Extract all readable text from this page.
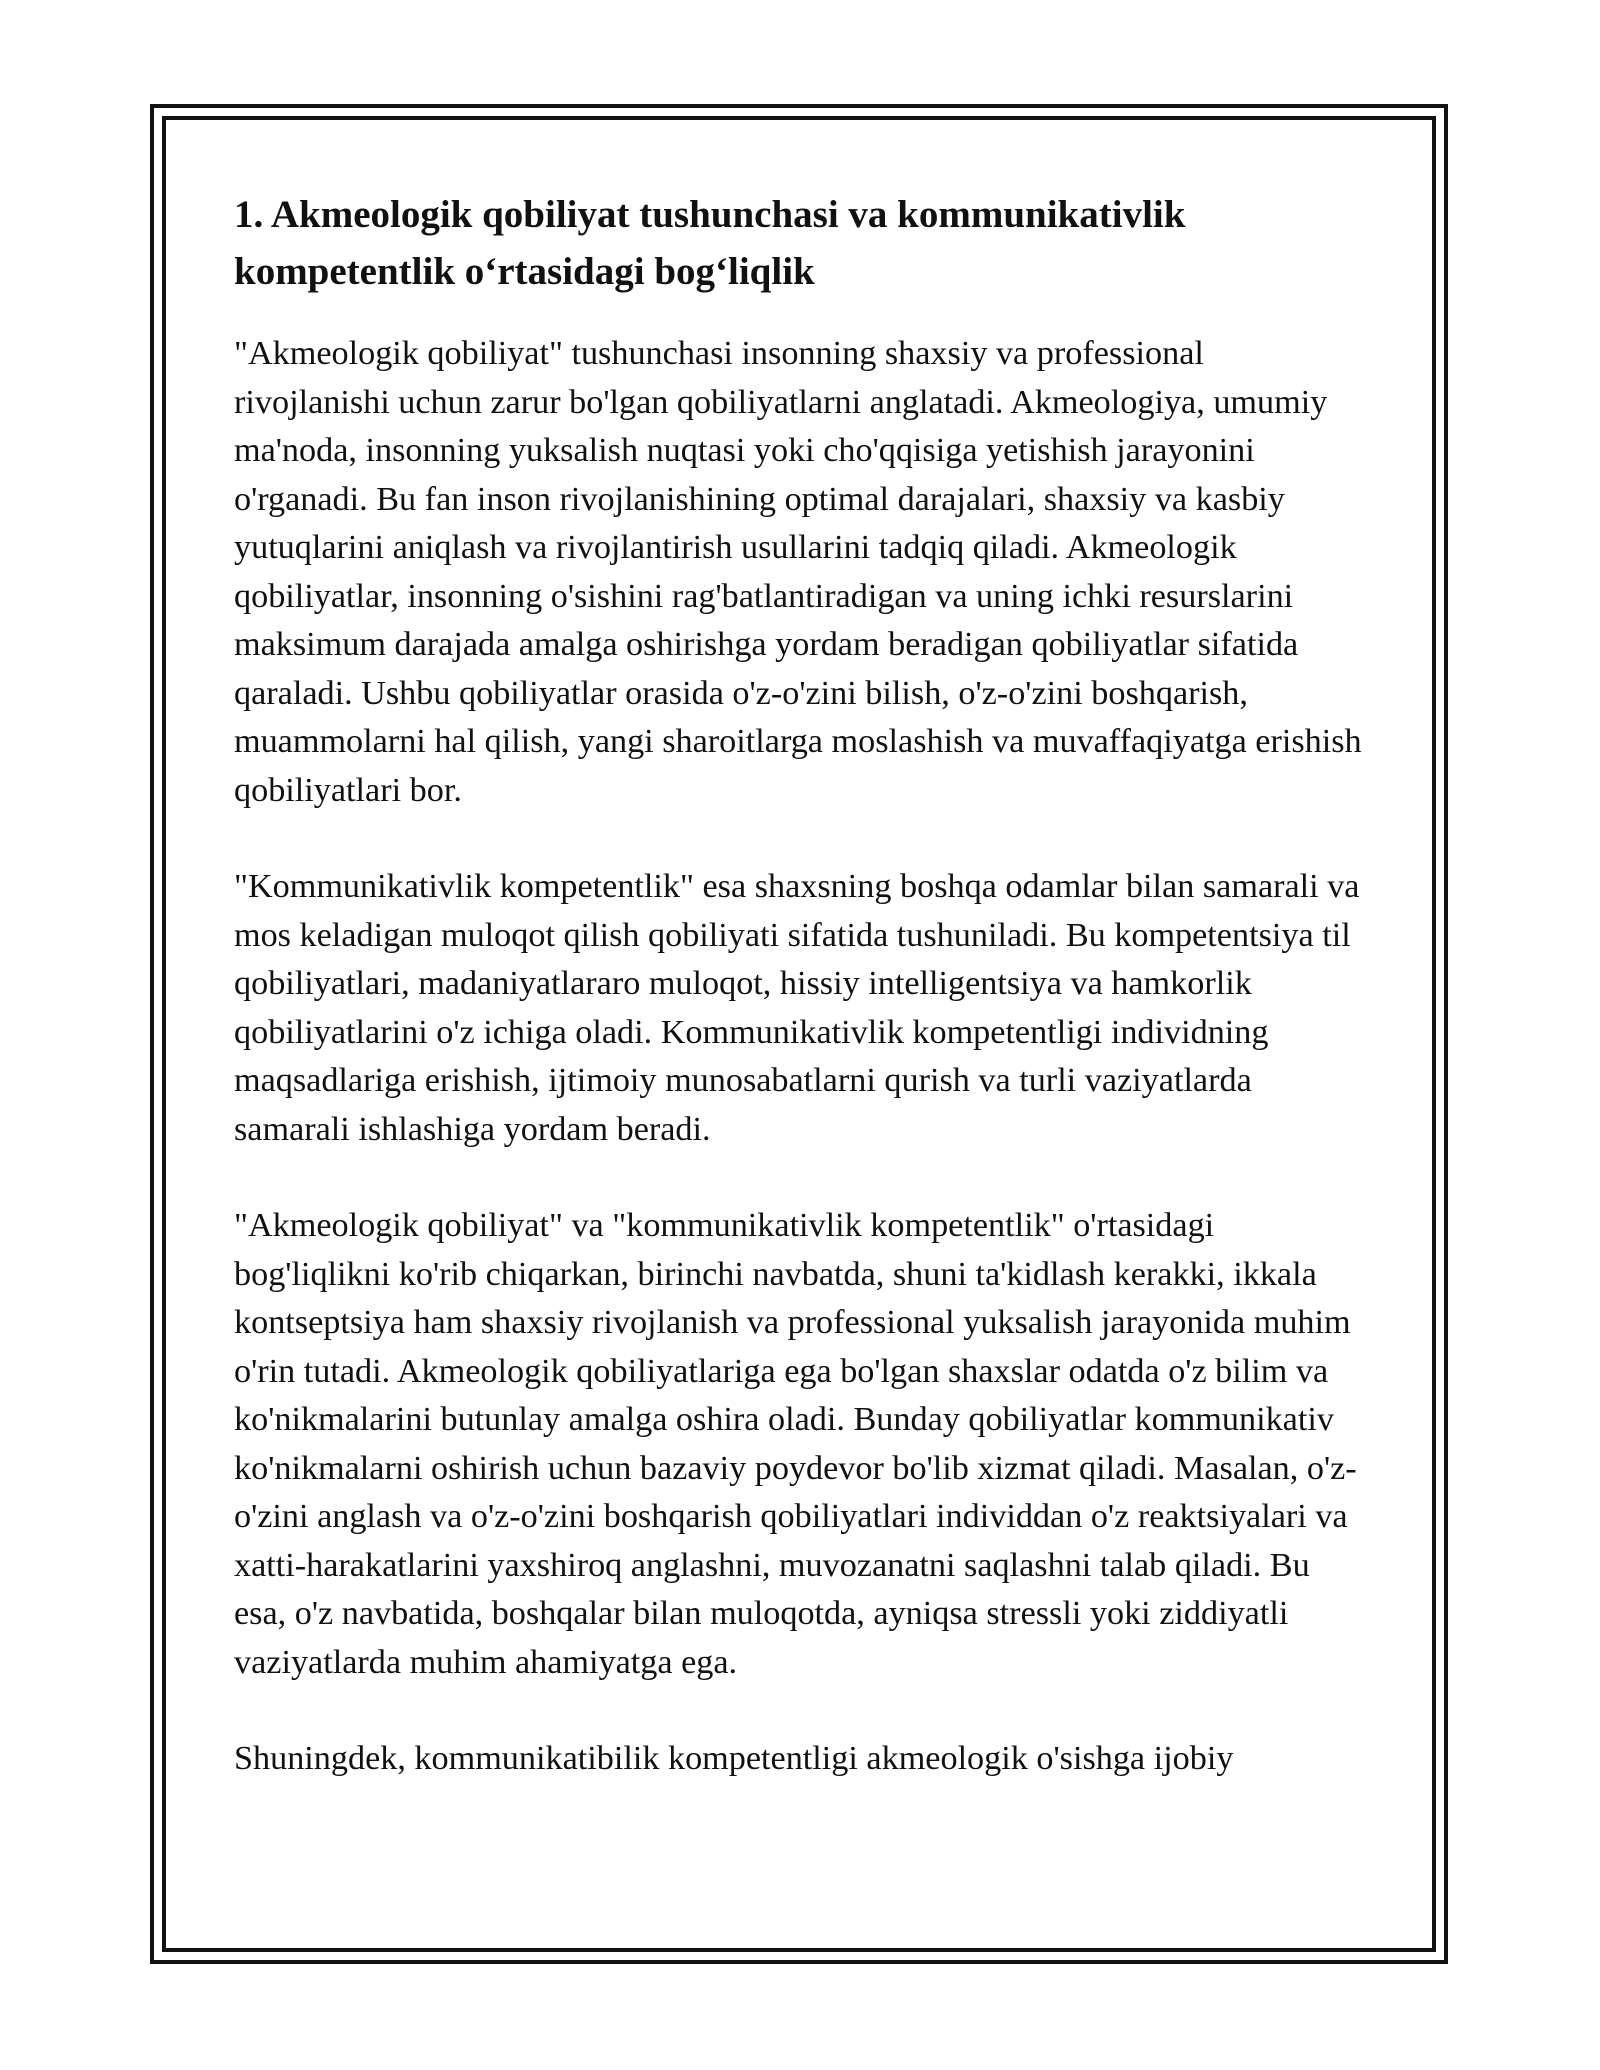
1. Akmeologik qobiliyat tushunchasi va kommunikativlik kompetentlik o‘rtasidagi bog‘liqlik

"Akmeologik qobiliyat" tushunchasi insonning shaxsiy va professional rivojlanishi uchun zarur bo'lgan qobiliyatlarni anglatadi. Akmeologiya, umumiy ma'noda, insonning yuksalish nuqtasi yoki cho'qqisiga yetishish jarayonini o'rganadi. Bu fan inson rivojlanishining optimal darajalari, shaxsiy va kasbiy yutuqlarini aniqlash va rivojlantirish usullarini tadqiq qiladi. Akmeologik qobiliyatlar, insonning o'sishini rag'batlantiradigan va uning ichki resurslarini maksimum darajada amalga oshirishga yordam beradigan qobiliyatlar sifatida qaraladi. Ushbu qobiliyatlar orasida o'z-o'zini bilish, o'z-o'zini boshqarish, muammolarni hal qilish, yangi sharoitlarga moslashish va muvaffaqiyatga erishish qobiliyatlari bor.

"Kommunikativlik kompetentlik" esa shaxsning boshqa odamlar bilan samarali va mos keladigan muloqot qilish qobiliyati sifatida tushuniladi. Bu kompetentsiya til qobiliyatlari, madaniyatlararo muloqot, hissiy intelligentsiya va hamkorlik qobiliyatlarini o'z ichiga oladi. Kommunikativlik kompetentligi individning maqsadlariga erishish, ijtimoiy munosabatlarni qurish va turli vaziyatlarda samarali ishlashiga yordam beradi.

"Akmeologik qobiliyat" va "kommunikativlik kompetentlik" o'rtasidagi bog'liqlikni ko'rib chiqarkan, birinchi navbatda, shuni ta'kidlash kerakki, ikkala kontseptsiya ham shaxsiy rivojlanish va professional yuksalish jarayonida muhim o'rin tutadi. Akmeologik qobiliyatlariga ega bo'lgan shaxslar odatda o'z bilim va ko'nikmalarini butunlay amalga oshira oladi. Bunday qobiliyatlar kommunikativ ko'nikmalarni oshirish uchun bazaviy poydevor bo'lib xizmat qiladi. Masalan, o'z-o'zini anglash va o'z-o'zini boshqarish qobiliyatlari individdan o'z reaktsiyalari va xatti-harakatlarini yaxshiroq anglashni, muvozanatni saqlashni talab qiladi. Bu esa, o'z navbatida, boshqalar bilan muloqotda, ayniqsa stressli yoki ziddiyatli vaziyatlarda muhim ahamiyatga ega.

Shuningdek, kommunikatibilik kompetentligi akmeologik o'sishga ijobiy
